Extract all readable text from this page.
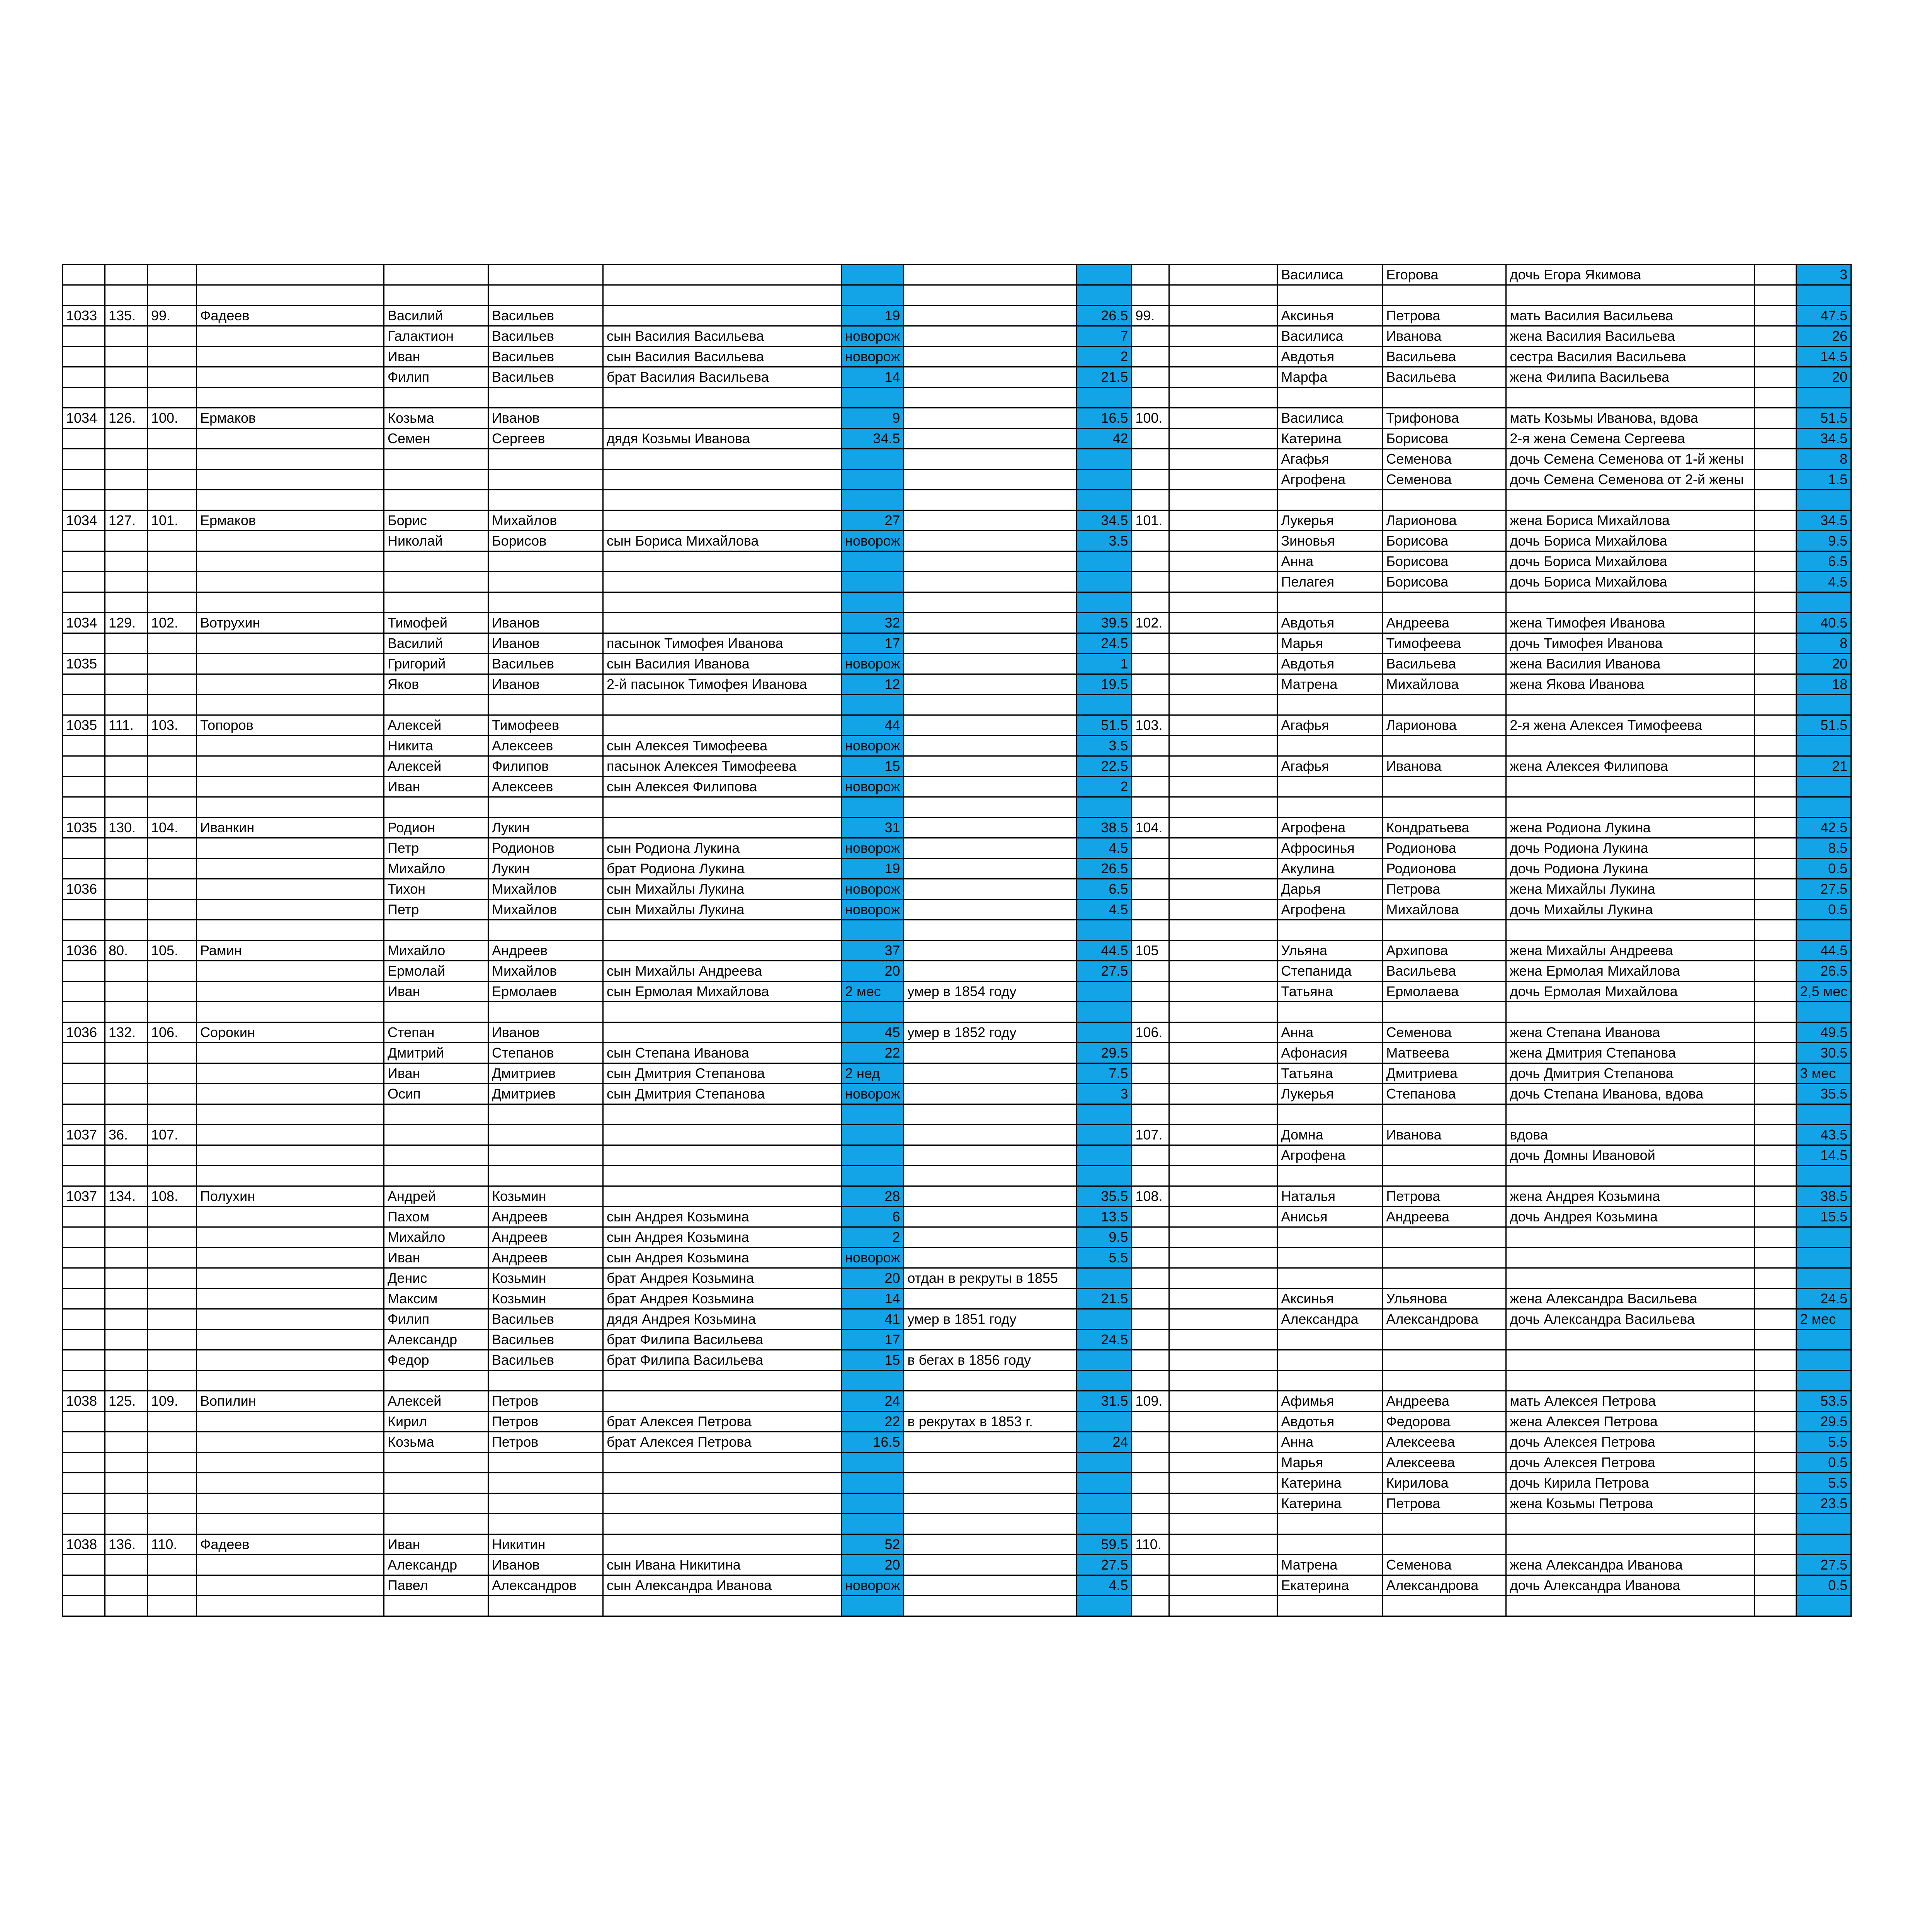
												Василиса	Егорова	дочь Егора Якимова		3

1033	135.	99.	Фадеев	Василий	Васильев		19		26.5	99.		Аксинья	Петрова	мать Василия Васильева		47.5
				Галактион	Васильев	сын Василия Васильева	новорож		7			Василиса	Иванова	жена Василия Васильева		26
				Иван	Васильев	сын Василия Васильева	новорож		2			Авдотья	Васильева	сестра Василия Васильева		14.5
				Филип	Васильев	брат Василия Васильева	14		21.5			Марфа	Васильева	жена Филипа Васильева		20

1034	126.	100.	Ермаков	Козьма	Иванов		9		16.5	100.		Василиса	Трифонова	мать Козьмы Иванова, вдова		51.5
				Семен	Сергеев	дядя Козьмы Иванова	34.5		42			Катерина	Борисова	2-я жена Семена Сергеева		34.5
												Агафья	Семенова	дочь Семена Семенова от 1-й жены		8
												Агрофена	Семенова	дочь Семена Семенова от 2-й жены		1.5

1034	127.	101.	Ермаков	Борис	Михайлов		27		34.5	101.		Лукерья	Ларионова	жена Бориса Михайлова		34.5
				Николай	Борисов	сын Бориса Михайлова	новорож		3.5			Зиновья	Борисова	дочь Бориса Михайлова		9.5
												Анна	Борисова	дочь Бориса Михайлова		6.5
												Пелагея	Борисова	дочь Бориса Михайлова		4.5

1034	129.	102.	Вотрухин	Тимофей	Иванов		32		39.5	102.		Авдотья	Андреева	жена Тимофея Иванова		40.5
				Василий	Иванов	пасынок Тимофея Иванова	17		24.5			Марья	Тимофеева	дочь Тимофея Иванова		8
1035				Григорий	Васильев	сын Василия Иванова	новорож		1			Авдотья	Васильева	жена Василия Иванова		20
				Яков	Иванов	2-й пасынок Тимофея Иванова	12		19.5			Матрена	Михайлова	жена Якова Иванова		18

1035	111.	103.	Топоров	Алексей	Тимофеев		44		51.5	103.		Агафья	Ларионова	2-я жена Алексея Тимофеева		51.5
				Никита	Алексеев	сын Алексея Тимофеева	новорож		3.5							
				Алексей	Филипов	пасынок Алексея Тимофеева	15		22.5			Агафья	Иванова	жена Алексея Филипова		21
				Иван	Алексеев	сын Алексея Филипова	новорож		2							

1035	130.	104.	Иванкин	Родион	Лукин		31		38.5	104.		Агрофена	Кондратьева	жена Родиона Лукина		42.5
				Петр	Родионов	сын Родиона Лукина	новорож		4.5			Афросинья	Родионова	дочь Родиона Лукина		8.5
				Михайло	Лукин	брат Родиона Лукина	19		26.5			Акулина	Родионова	дочь Родиона Лукина		0.5
1036				Тихон	Михайлов	сын Михайлы Лукина	новорож		6.5			Дарья	Петрова	жена Михайлы Лукина		27.5
				Петр	Михайлов	сын Михайлы Лукина	новорож		4.5			Агрофена	Михайлова	дочь Михайлы Лукина		0.5

1036	80.	105.	Рамин	Михайло	Андреев		37		44.5	105		Ульяна	Архипова	жена Михайлы Андреева		44.5
				Ермолай	Михайлов	сын Михайлы Андреева	20		27.5			Степанида	Васильева	жена Ермолая Михайлова		26.5
				Иван	Ермолаев	сын Ермолая Михайлова	2 мес	умер в 1854 году				Татьяна	Ермолаева	дочь Ермолая Михайлова		2,5 мес

1036	132.	106.	Сорокин	Степан	Иванов		45	умер в 1852 году		106.		Анна	Семенова	жена Степана Иванова		49.5
				Дмитрий	Степанов	сын Степана Иванова	22		29.5			Афонасия	Матвеева	жена Дмитрия Степанова		30.5
				Иван	Дмитриев	сын Дмитрия Степанова	2 нед		7.5			Татьяна	Дмитриева	дочь Дмитрия Степанова		3 мес
				Осип	Дмитриев	сын Дмитрия Степанова	новорож		3			Лукерья	Степанова	дочь Степана Иванова, вдова		35.5

1037	36.	107.								107.		Домна	Иванова	вдова		43.5
												Агрофена		дочь Домны Ивановой		14.5

1037	134.	108.	Полухин	Андрей	Козьмин		28		35.5	108.		Наталья	Петрова	жена Андрея Козьмина		38.5
				Пахом	Андреев	сын Андрея Козьмина	6		13.5			Анисья	Андреева	дочь Андрея Козьмина		15.5
				Михайло	Андреев	сын Андрея Козьмина	2		9.5							
				Иван	Андреев	сын Андрея Козьмина	новорож		5.5							
				Денис	Козьмин	брат Андрея Козьмина	20	отдан в рекруты в 1855								
				Максим	Козьмин	брат Андрея Козьмина	14		21.5			Аксинья	Ульянова	жена Александра Васильева		24.5
				Филип	Васильев	дядя Андрея Козьмина	41	умер в 1851 году				Александра	Александрова	дочь Александра Васильева		2 мес
				Александр	Васильев	брат Филипа Васильева	17		24.5							
				Федор	Васильев	брат Филипа Васильева	15	в бегах в 1856 году								

1038	125.	109.	Вопилин	Алексей	Петров		24		31.5	109.		Афимья	Андреева	мать Алексея Петрова		53.5
				Кирил	Петров	брат Алексея Петрова	22	в рекрутах в 1853 г.				Авдотья	Федорова	жена Алексея Петрова		29.5
				Козьма	Петров	брат Алексея Петрова	16.5		24			Анна	Алексеева	дочь Алексея Петрова		5.5
												Марья	Алексеева	дочь Алексея Петрова		0.5
												Катерина	Кирилова	дочь Кирила Петрова		5.5
												Катерина	Петрова	жена Козьмы Петрова		23.5

1038	136.	110.	Фадеев	Иван	Никитин		52		59.5	110.						
				Александр	Иванов	сын Ивана Никитина	20		27.5			Матрена	Семенова	жена Александра Иванова		27.5
				Павел	Александров	сын Александра Иванова	новорож		4.5			Екатерина	Александрова	дочь Александра Иванова		0.5
